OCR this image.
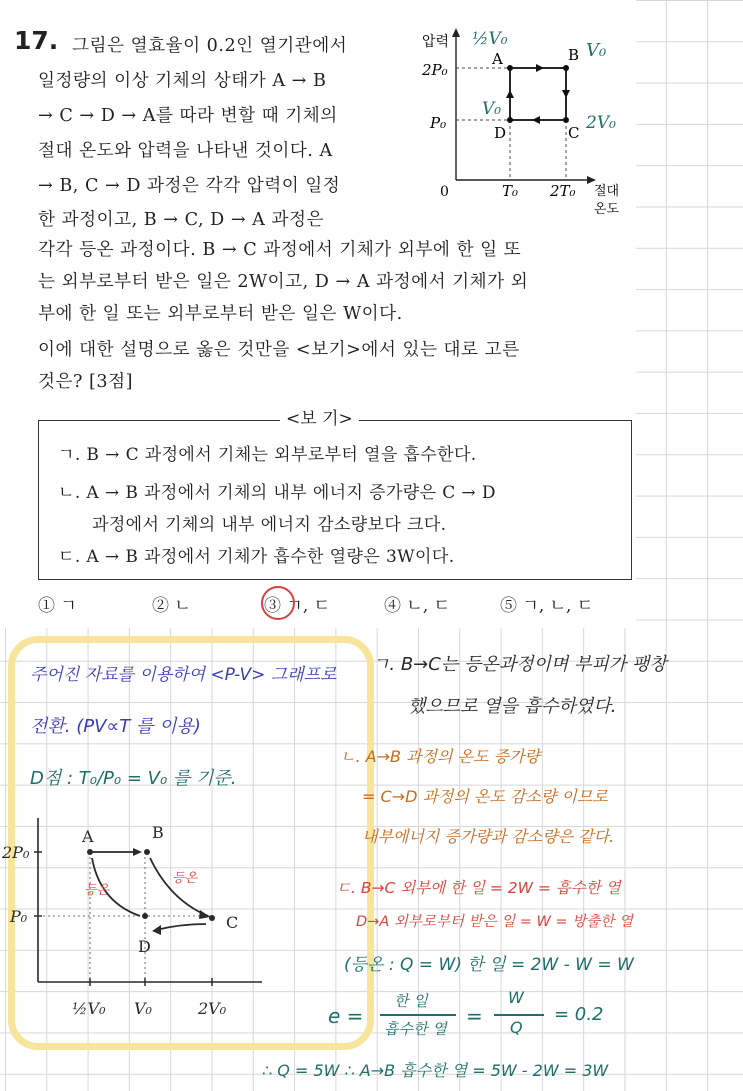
17. 그림은 열효율이 0.2인 열기관에서
일정량의 이상 기체의 상태가 A → B
→ C → D → A를 따라 변할 때 기체의
절대 온도와 압력을 나타낸 것이다. A
→ B, C → D 과정은 각각 압력이 일정
한 과정이고, B → C, D → A 과정은
각각 등온 과정이다. B → C 과정에서 기체가 외부에 한 일 또
는 외부로부터 받은 일은 2W이고, D → A 과정에서 기체가 외
부에 한 일 또는 외부로부터 받은 일은 W이다.
이에 대한 설명으로 옳은 것만을 <보기>에서 있는 대로 고른
것은? [3점]
압력
절대
온도
0
2P₀
P₀
T₀ 2T₀
A	B
C
D
½V₀
V₀
2V₀
V₀
<보 기>
ㄱ. B → C 과정에서 기체는 외부로부터 열을 흡수한다.
ㄴ. A → B 과정에서 기체의 내부 에너지 증가량은 C → D
과정에서 기체의 내부 에너지 감소량보다 크다.
ㄷ. A → B 과정에서 기체가 흡수한 열량은 3W이다.
① ㄱ	② ㄴ	③ ㄱ, ㄷ	④ ㄴ, ㄷ	⑤ ㄱ, ㄴ, ㄷ
주어진 자료를 이용하여 <P-V> 그래프로
전환. (PV∝T 를 이용)
D점 : T₀/P₀ = V₀ 를 기준.
2P₀
P₀
½V₀ V₀	2V₀
A	B
C
D
등온
등온
ㄱ. B→C는 등온과정이며 부피가 팽창
했으므로 열을 흡수하였다.
ㄴ. A→B 과정의 온도 증가량
= C→D 과정의 온도 감소량 이므로
내부에너지 증가량과 감소량은 같다.
ㄷ. B→C 외부에 한 일 = 2W = 흡수한 열
D→A 외부로부터 받은 일 = W = 방출한 열
(등온 : Q = W) 한 일 = 2W - W = W
e =
한 일
흡수한 열
=
W
Q
= 0.2
∴ Q = 5W ∴ A→B 흡수한 열 = 5W - 2W = 3W
